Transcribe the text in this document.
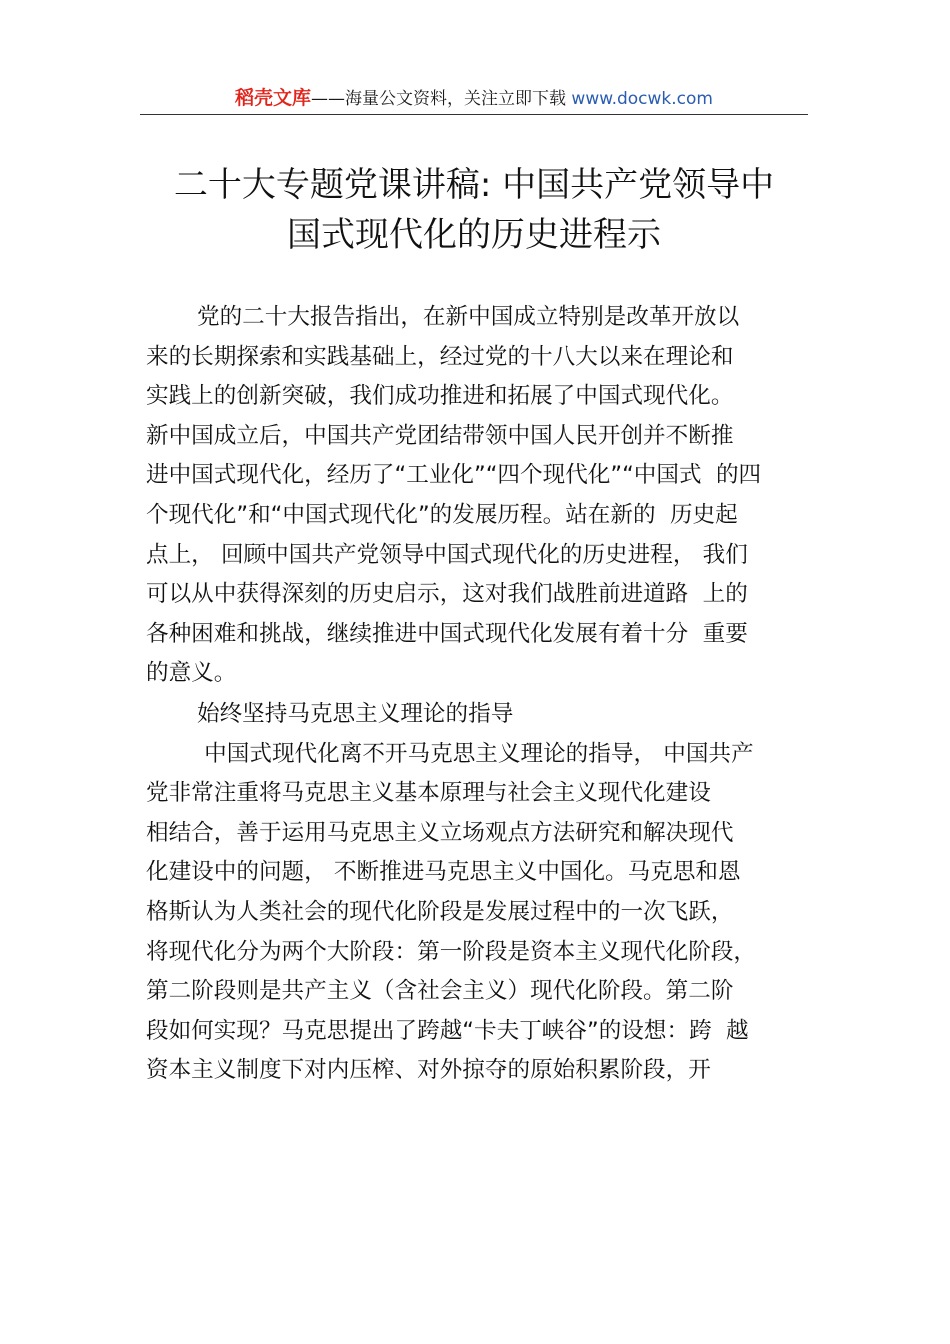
稻壳文库——海量公文资料，关注立即下载 www.docwk.com
二十大专题党课讲稿: 中国共产党领导中
国式现代化的历史进程示
党的二十大报告指出，在新中国成立特别是改革开放以
来的长期探索和实践基础上，经过党的十八大以来在理论和
实践上的创新突破，我们成功推进和拓展了中国式现代化。
新中国成立后，中国共产党团结带领中国人民开创并不断推
进中国式现代化，经历了“工业化”“四个现代化”“中国式  的四
个现代化”和“中国式现代化”的发展历程。站在新的  历史起
点上， 回顾中国共产党领导中国式现代化的历史进程， 我们
可以从中获得深刻的历史启示，这对我们战胜前进道路  上的
各种困难和挑战，继续推进中国式现代化发展有着十分  重要
的意义。
始终坚持马克思主义理论的指导
中国式现代化离不开马克思主义理论的指导， 中国共产
党非常注重将马克思主义基本原理与社会主义现代化建设
相结合，善于运用马克思主义立场观点方法研究和解决现代
化建设中的问题， 不断推进马克思主义中国化。马克思和恩
格斯认为人类社会的现代化阶段是发展过程中的一次飞跃，
将现代化分为两个大阶段：第一阶段是资本主义现代化阶段，
第二阶段则是共产主义（含社会主义）现代化阶段。第二阶
段如何实现？马克思提出了跨越“卡夫丁峡谷”的设想：跨  越
资本主义制度下对内压榨、对外掠夺的原始积累阶段，开
